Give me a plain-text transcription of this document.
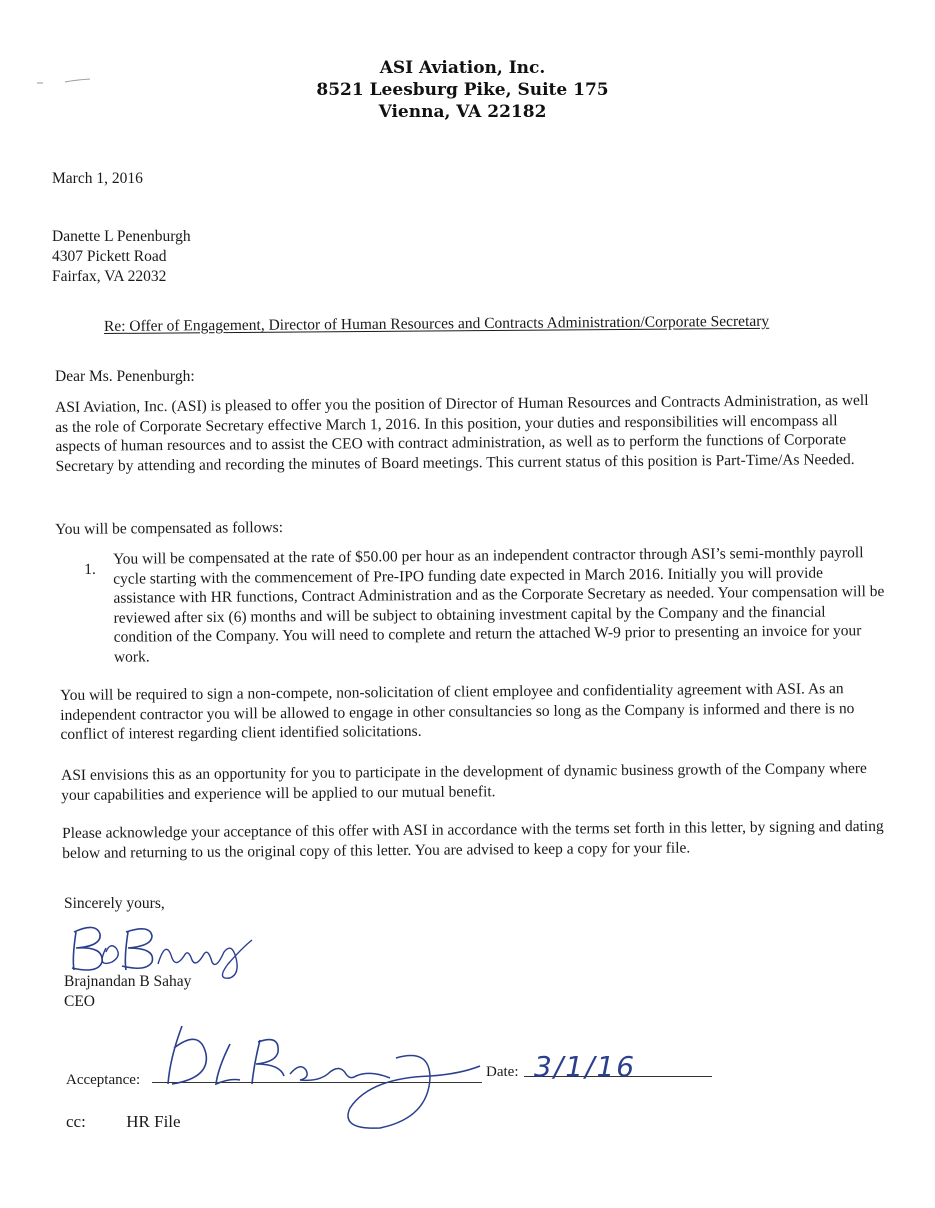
ASI Aviation, Inc.
8521 Leesburg Pike, Suite 175
Vienna, VA 22182
March 1, 2016
Danette L Penenburgh
4307 Pickett Road
Fairfax, VA 22032
Re: Offer of Engagement, Director of Human Resources and Contracts Administration/Corporate Secretary
Dear Ms. Penenburgh:
ASI Aviation, Inc. (ASI) is pleased to offer you the position of Director of Human Resources and Contracts Administration, as well as the role of Corporate Secretary effective March 1, 2016. In this position, your duties and responsibilities will encompass all aspects of human resources and to assist the CEO with contract administration, as well as to perform the functions of Corporate Secretary by attending and recording the minutes of Board meetings. This current status of this position is Part-Time/As Needed.
You will be compensated as follows:
1.
You will be compensated at the rate of $50.00 per hour as an independent contractor through ASI’s semi-monthly payroll cycle starting with the commencement of Pre-IPO funding date expected in March 2016. Initially you will provide assistance with HR functions, Contract Administration and as the Corporate Secretary as needed. Your compensation will be reviewed after six (6) months and will be subject to obtaining investment capital by the Company and the financial condition of the Company. You will need to complete and return the attached W-9 prior to presenting an invoice for your work.
You will be required to sign a non-compete, non-solicitation of client employee and confidentiality agreement with ASI. As an independent contractor you will be allowed to engage in other consultancies so long as the Company is informed and there is no conflict of interest regarding client identified solicitations.
ASI envisions this as an opportunity for you to participate in the development of dynamic business growth of the Company where your capabilities and experience will be applied to our mutual benefit.
Please acknowledge your acceptance of this offer with ASI in accordance with the terms set forth in this letter, by signing and dating below and returning to us the original copy of this letter. You are advised to keep a copy for your file.
Sincerely yours,
Brajnandan B Sahay
CEO
Acceptance:	Date: 3/1/16
cc: HR File
